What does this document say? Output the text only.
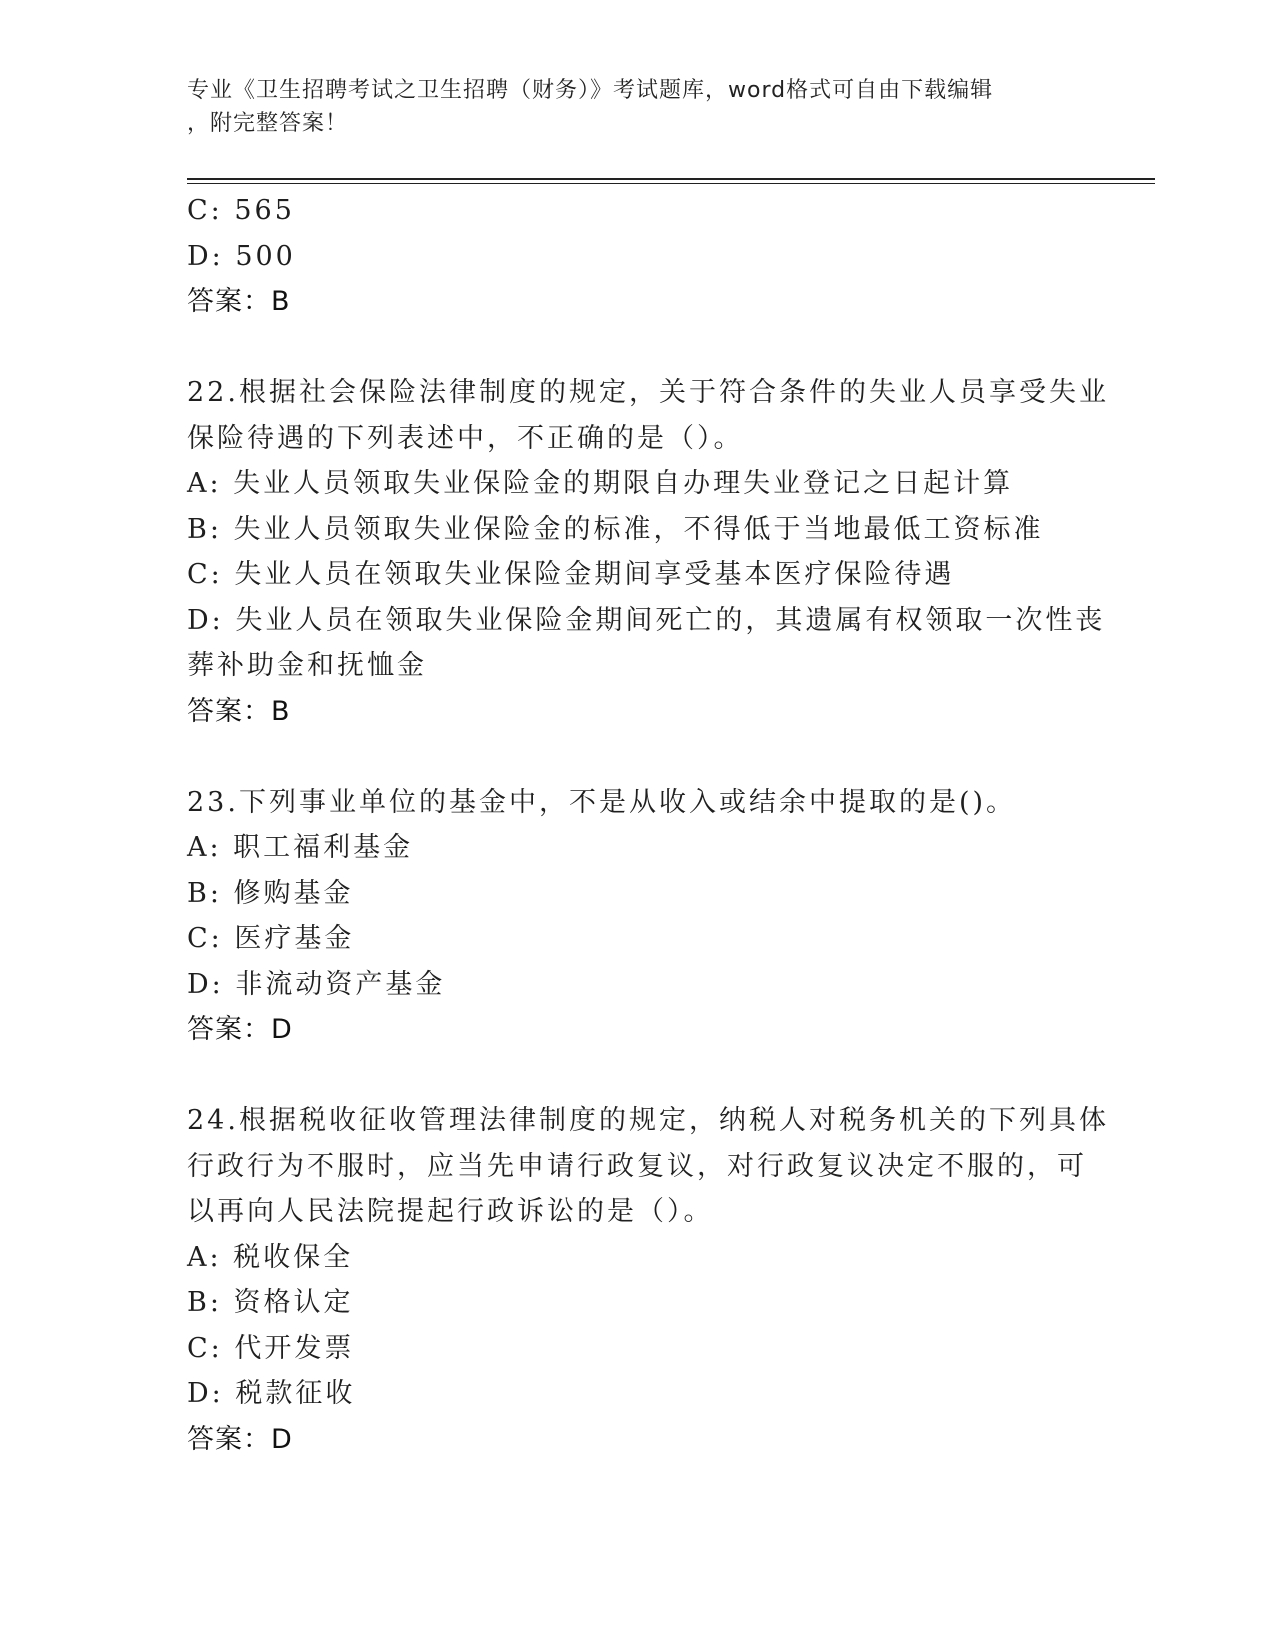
专业《卫生招聘考试之卫生招聘（财务）》考试题库，word格式可自由下载编辑
，附完整答案！
C: 565
D: 500
答案：B
22.根据社会保险法律制度的规定，关于符合条件的失业人员享受失业
保险待遇的下列表述中，不正确的是（）。
A: 失业人员领取失业保险金的期限自办理失业登记之日起计算
B: 失业人员领取失业保险金的标准，不得低于当地最低工资标准
C: 失业人员在领取失业保险金期间享受基本医疗保险待遇
D: 失业人员在领取失业保险金期间死亡的，其遗属有权领取一次性丧
葬补助金和抚恤金
答案：B
23.下列事业单位的基金中，不是从收入或结余中提取的是()。
A: 职工福利基金
B: 修购基金
C: 医疗基金
D: 非流动资产基金
答案：D
24.根据税收征收管理法律制度的规定，纳税人对税务机关的下列具体
行政行为不服时，应当先申请行政复议，对行政复议决定不服的，可
以再向人民法院提起行政诉讼的是（）。
A: 税收保全
B: 资格认定
C: 代开发票
D: 税款征收
答案：D
